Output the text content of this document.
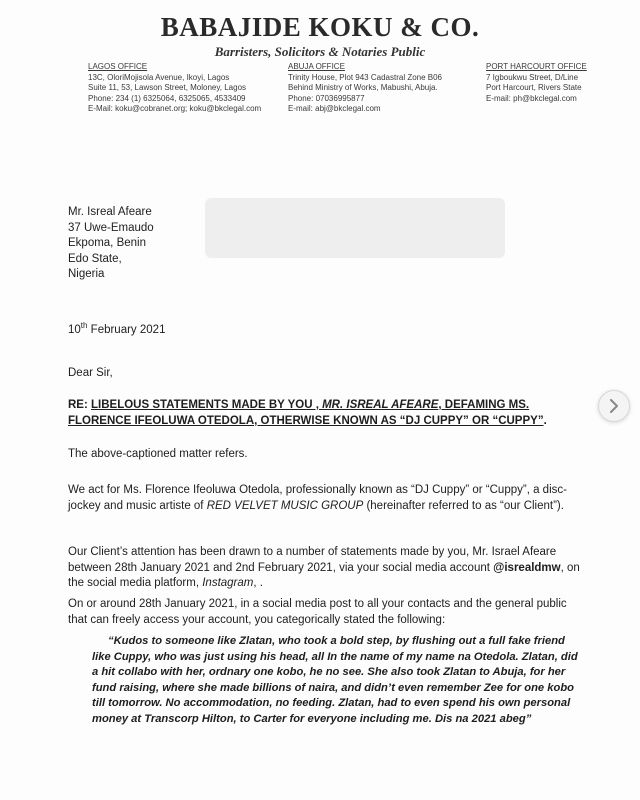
BABAJIDE KOKU & CO.
Barristers, Solicitors & Notaries Public
LAGOS OFFICE
13C, OloriMojisola Avenue, Ikoyi, Lagos
Suite 11, 53, Lawson Street, Moloney, Lagos
Phone: 234 (1) 6325064, 6325065, 4533409
E-Mail: koku@cobranet.org; koku@bkclegal.com
ABUJA OFFICE
Trinity House, Plot 943 Cadastral Zone B06
Behind Ministry of Works, Mabushi, Abuja.
Phone: 07036995877
E-mail: abj@bkclegal.com
PORT HARCOURT OFFICE
7 Igboukwu Street, D/Line
Port Harcourt, Rivers State
E-mail: ph@bkclegal.com
Mr. Isreal Afeare
37 Uwe-Emaudo
Ekpoma, Benin
Edo State,
Nigeria
10th February 2021
Dear Sir,
RE: LIBELOUS STATEMENTS MADE BY YOU , MR. ISREAL AFEARE, DEFAMING MS. FLORENCE IFEOLUWA OTEDOLA, OTHERWISE KNOWN AS “DJ CUPPY” OR “CUPPY”.
The above-captioned matter refers.
We act for Ms. Florence Ifeoluwa Otedola, professionally known as “DJ Cuppy” or “Cuppy”, a disc-jockey and music artiste of RED VELVET MUSIC GROUP (hereinafter referred to as “our Client”).
Our Client’s attention has been drawn to a number of statements made by you, Mr. Israel Afeare between 28th January 2021 and 2nd February 2021, via your social media account @isrealdmw, on the social media platform, Instagram, .
On or around 28th January 2021, in a social media post to all your contacts and the general public that can freely access your account, you categorically stated the following:
“Kudos to someone like Zlatan, who took a bold step, by flushing out a full fake friend like Cuppy, who was just using his head, all In the name of my name na Otedola. Zlatan, did a hit collabo with her, ordnary one kobo, he no see. She also took Zlatan to Abuja, for her fund raising, where she made billions of naira, and didn’t even remember Zee for one kobo till tomorrow. No accommodation, no feeding. Zlatan, had to even spend his own personal money at Transcorp Hilton, to Carter for everyone including me. Dis na 2021 abeg”
